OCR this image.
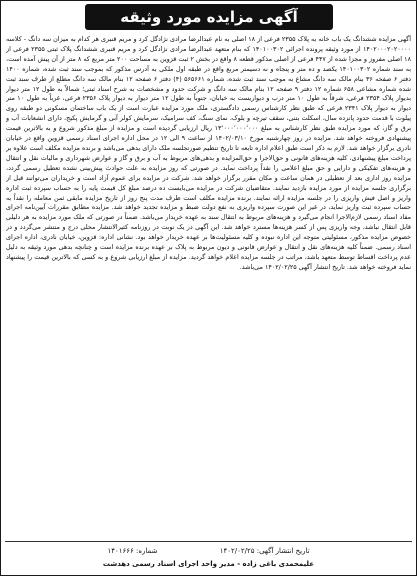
آگهی مزایده مورد وثیقه
آگهی مزایده ششدانگ یک باب خانه به پلاک ۲۳۵۵ فرعی از ۱۸ اصلی به نام عبدالرضا مرادی نژادگل کرد و مریم قنبری هر کدام به میزان سه دانگ - کلاسه ۱۴۰۲۰۰۰۲۰۲۰۰۰۰ از مورد وثیقه پرونده اجرائی ۱۴۰۱۰۰۳۰۲ که بنام متعهد عبدالرضا مرادی نژادگل کرد و مریم قنبری ششدانگ پلاک ثبتی ۲۳۵۵ فرعی از ۱۸ اصلی مفروز و مجزا شده از ۴۴۷ فرعی از اصلی مذکور قطعه ۸ واقع در بخش ۲ ثبت قزوین به مساحت ۲۰۰ متر مربع که ۸ متر از آن پیش آمده است، به سند شماره ۱۴۰۱۰۰۳۰۲ یکصد و ده متر و پنجاه و نه دسیمتر مربع واقع در طبقه اول ملکی به آدرس مذکور که بموجب سند ثبت شده، شماره ۱۴۰۰ دفتر ۶ صفحه ۳۶ بنام مالک سه دانگ مشاع به موجب سند ثبت شده، شماره ۵۶۵۶۶۱ (۴) دفتر ۶ صفحه ۱۲ بنام مالک سه دانگ مطلع از طرف سند ثبت شده شماره مشاعی ۶۵۸ شماره ۱۲ دفتر ۹ صفحه ۱۲ بنام مالک سه دانگ و شرکت حدود و مشخصات به شرح اسناد ثبتی؛ شمالاً به طول ۱۲ متر دیوار بدیوار پلاک ۲۳۵۴ فرعی، شرقاً به طول ۱۰ متر درب و دیواریست به خیابان، جنوباً به طول ۱۲ متر دیوار به دیوار پلاک ۲۳۵۶ فرعی، غرباً به طول ۱۰ متر دیوار به دیوار پلاک ۲۳۴۱ فرعی که طبق نظر کارشناس رسمی دادگستری، ملک مورد مزایده عبارت است از یک باب ساختمان مسکونی دو طبقه روی پیلوت با قدمت حدود پانزده سال، اسکلت بتنی، سقف تیرچه و بلوک، نمای سنگ، کف سرامیک، سرمایش کولر آبی و گرمایش پکیج، دارای انشعابات آب و برق و گاز، که مورد مزایده طبق نظر کارشناس به مبلغ ۱۳٬۰۰۰٬۰۰۰٬۰۰۰ ریال ارزیابی گردیده است و مزایده از مبلغ مذکور شروع و به بالاترین قیمت پیشنهادی فروخته خواهد شد. مزایده در روز چهارشنبه مورخ ۱۴۰۲/۰۳/۱۰ از ساعت ۹ الی ۱۲ در محل اداره اجرای اسناد رسمی قزوین واقع در خیابان نادری برگزار خواهد شد. لازم به ذکر است طبق اعلام اداره تابعه تا تاریخ تنظیم صورتجلسه ملک دارای بدهی می‌باشد و برنده مزایده مکلف است علاوه بر پرداخت مبلغ پیشنهادی، کلیه هزینه‌های قانونی و حق‌الاجرا و حق‌المزایده و بدهی‌های مربوط به آب و برق و گاز و عوارض شهرداری و مالیات نقل و انتقال و هزینه‌های تفکیکی و دارایی و حق مبلغ اعلامی را نقداً پرداخت نماید. در صورتی که روز مزایده به علت حوادث پیش‌بینی نشده تعطیل رسمی گردد، مزایده روز اداری بعد از تعطیلی در همان ساعت و مکان مقرر برگزار خواهد شد. شرکت در مزایده برای عموم آزاد است و خریداران می‌توانند قبل از برگزاری جلسه مزایده از مورد مزایده بازدید نمایند. متقاضیان شرکت در مزایده می‌بایست ده درصد مبلغ کل قیمت پایه را به حساب سپرده ثبت اداره واریز و اصل فیش واریزی را در جلسه مزایده ارائه نمایند. برنده مزایده مکلف است ظرف مدت پنج روز از تاریخ مزایده مابقی ثمن معامله را نقداً به حساب سپرده ثبت واریز نماید، در غیر این صورت سپرده واریزی به نفع دولت ضبط و مزایده تجدید خواهد شد. مزایده مطابق مقررات آیین‌نامه اجرای مفاد اسناد رسمی لازم‌الاجرا انجام می‌گیرد و هزینه‌های مربوط به انتقال سند به عهده خریدار می‌باشد. ضمناً در صورتی که ملک مورد مزایده به هر دلیلی قابل انتقال نباشد، وجه واریزی پس از کسر هزینه‌ها مسترد خواهد شد. این آگهی در یک نوبت در روزنامه کثیرالانتشار محلی درج و منتشر می‌گردد و در خصوص مزایده مذکور، مسئولیتی متوجه این اداره نبوده و کلیه مسئولیت‌ها بر عهده خریدار خواهد بود. نشانی اداره: قزوین، خیابان نادری، اداره اجرای اسناد رسمی. ضمناً کلیه هزینه‌های نقل و انتقال و عوارض قانونی و دیون مربوط به پلاک بر عهده برنده مزایده است و چنانچه بدهی مورد وثیقه به دلیل عدم پرداخت اقساط توسط متعهد باشد، مراتب در جلسه مزایده اعلام خواهد گردید. مزایده از مبلغ ارزیابی شروع و به کسی که بالاترین قیمت را پیشنهاد نماید فروخته خواهد شد. تاریخ انتشار آگهی ۱۴۰۲/۰۲/۲۵ می‌باشد.
تاریخ انتشار آگهی: ۱۴۰۲/۰۲/۲۵ شماره: ۱۴۰۱۶۶۶
علیمحمدی باغی زاده - مدیر واحد اجرای اسناد رسمی دهدشت
